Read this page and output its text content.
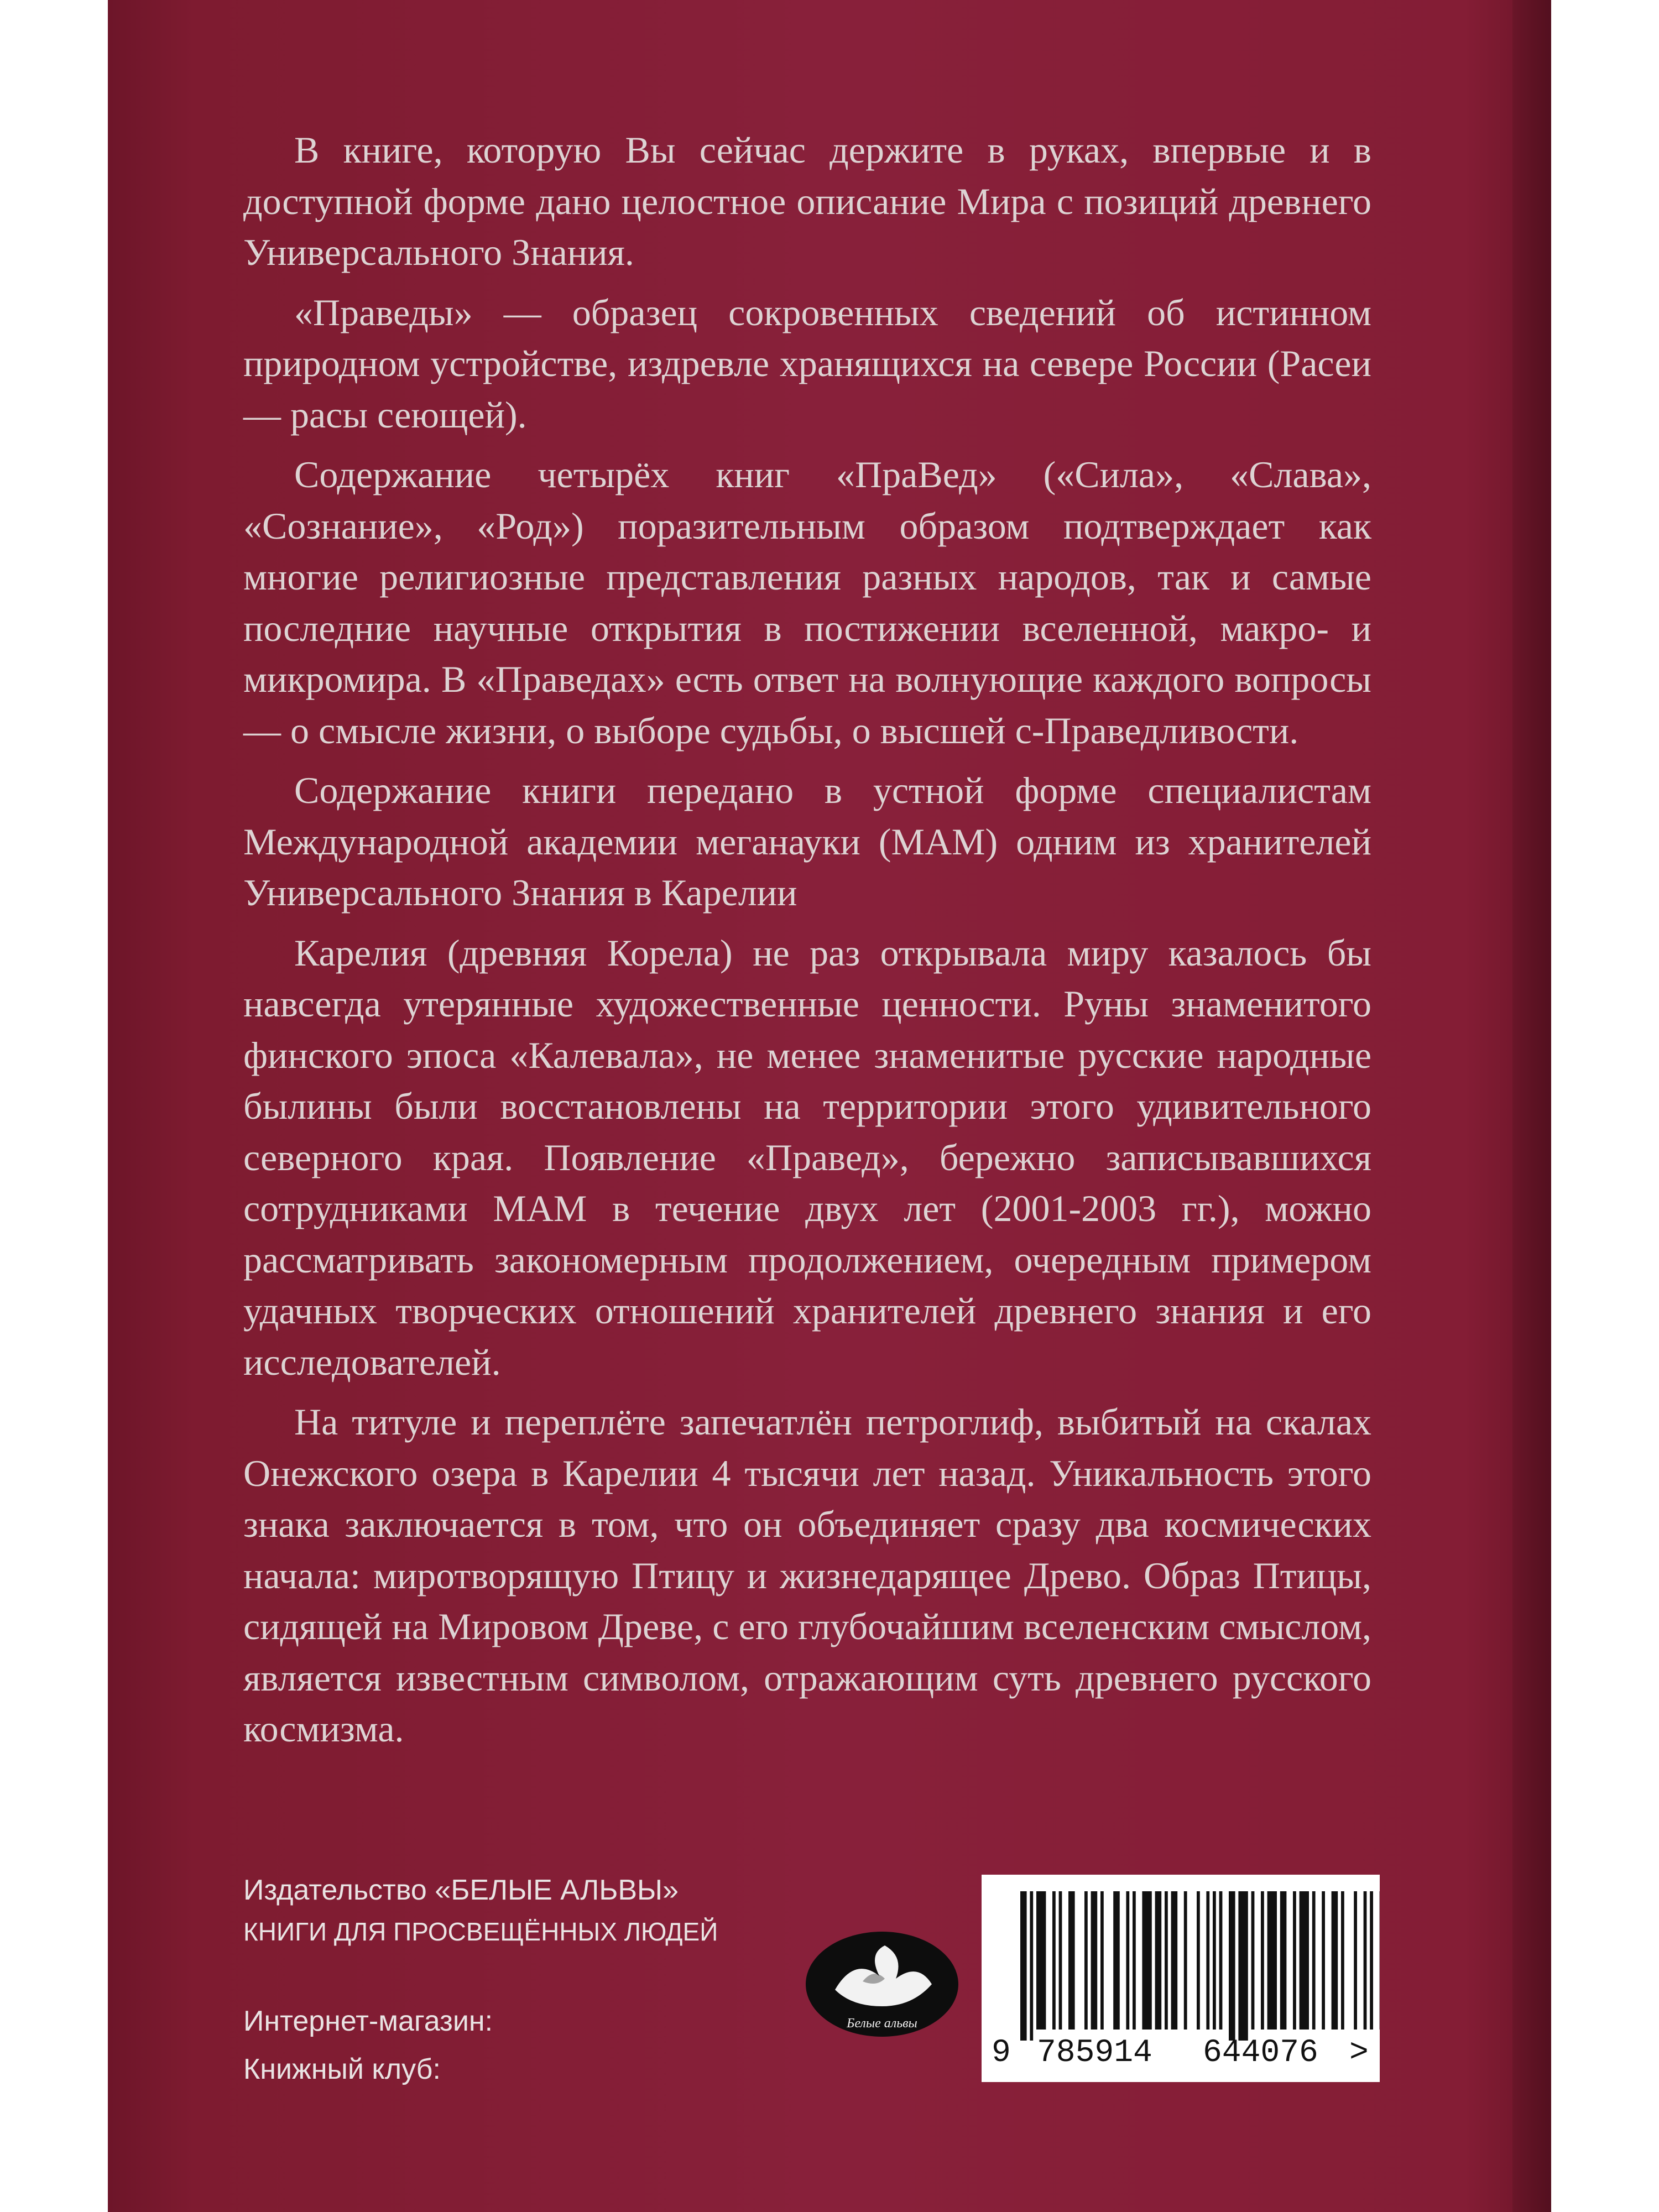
В книге, которую Вы сейчас держите в руках, впервые и в доступной форме дано целостное описание Мира с позиций древнего Универсального Знания.

«Праведы» — образец сокровенных сведений об истинном природном устройстве, издревле хранящихся на севере России (Расеи — расы сеющей).

Содержание четырёх книг «ПраВед» («Сила», «Слава», «Сознание», «Род») поразительным образом подтверждает как многие религиозные представления разных народов, так и самые последние научные открытия в постижении вселенной, макро- и микромира. В «Праведах» есть ответ на волнующие каждого вопросы — о смысле жизни, о выборе судьбы, о высшей с-Праведливости.

Содержание книги передано в устной форме специалистам Международной академии меганауки (МАМ) одним из хранителей Универсального Знания в Карелии

Карелия (древняя Корела) не раз открывала миру казалось бы навсегда утерянные художественные ценности. Руны знаменитого финского эпоса «Калевала», не менее знаменитые русские народные былины были восстановлены на территории этого удивительного северного края. Появление «Правед», бережно записывавшихся сотрудниками МАМ в течение двух лет (2001-2003 гг.), можно рассматривать закономерным продолжением, очередным примером удачных творческих отношений хранителей древнего знания и его исследователей.

На титуле и переплёте запечатлён петроглиф, выбитый на скалах Онежского озера в Карелии 4 тысячи лет назад. Уникальность этого знака заключается в том, что он объединяет сразу два космических начала: миротворящую Птицу и жизнедарящее Древо. Образ Птицы, сидящей на Мировом Древе, с его глубочайшим вселенским смыслом, является известным символом, отражающим суть древнего русского космизма.

Издательство «БЕЛЫЕ АЛЬВЫ»
КНИГИ ДЛЯ ПРОСВЕЩЁННЫХ ЛЮДЕЙ
Интернет-магазин:
Книжный клуб:
Белые альвы
9 785914 644076 >
